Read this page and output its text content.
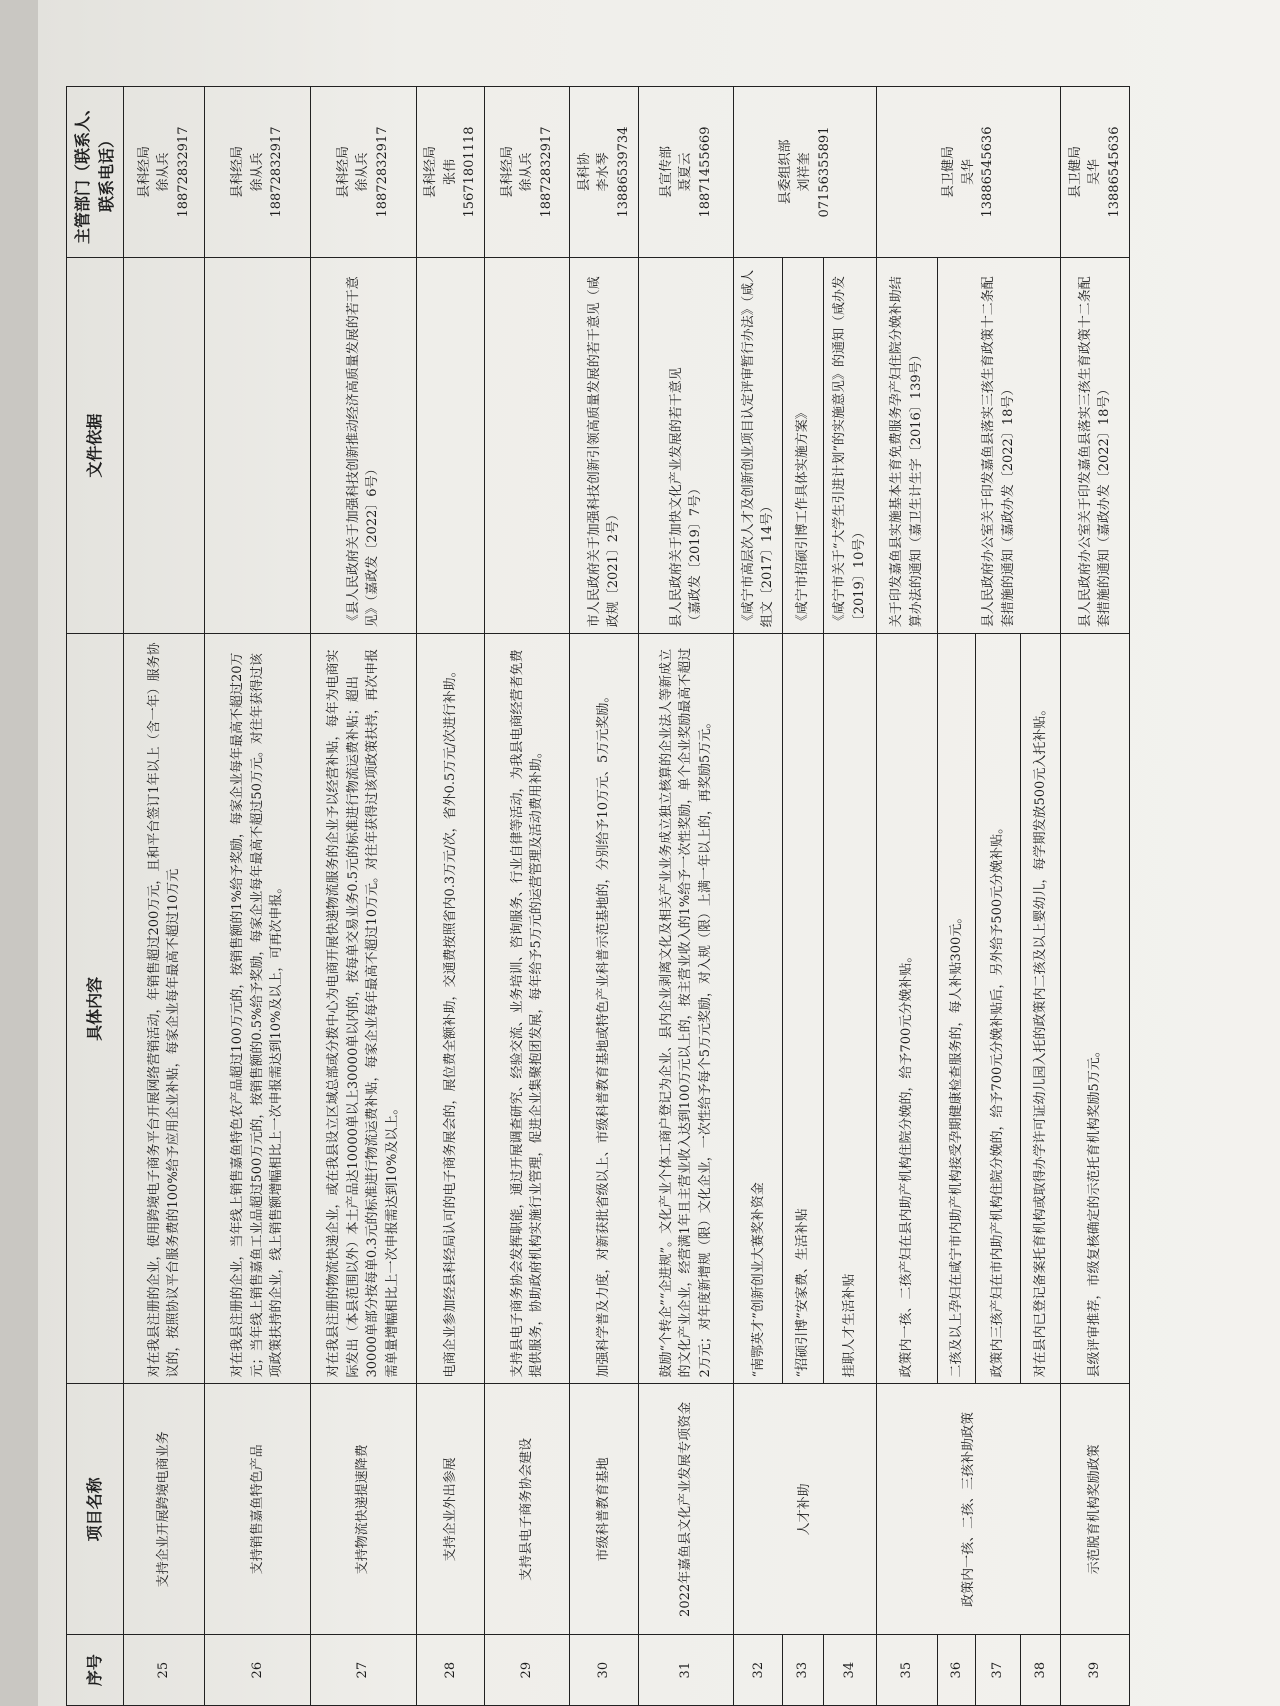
序号	项目名称	具体内容	文件依据	主管部门（联系人、联系电话）
25	支持企业开展跨境电商业务	对在我县注册的企业，使用跨境电子商务平台开展网络营销活动，年销售超过200万元，且和平台签订1年以上（含一年）服务协议的，按照协议平台服务费的100%给予应用企业补贴，每家企业每年最高不超过10万元		县科经局
徐从兵
18872832917
26	支持销售嘉鱼特色产品	对在我县注册的企业，当年线上销售嘉鱼特色农产品超过100万元的，按销售额的1%给予奖励，每家企业每年最高不超过20万元；当年线上销售嘉鱼工业品超过500万元的，按销售额的0.5%给予奖励，每家企业每年最高不超过50万元。对往年获得过该项政策扶持的企业，线上销售额增幅相比上一次申报需达到10%及以上，可再次申报。		县科经局
徐从兵
18872832917
27	支持物流快递提速降费	对在我县注册的物流快递企业，或在我县设立区域总部或分拨中心为电商开展快递物流服务的企业予以经营补贴，每年为电商实际发出（本县范围以外）本土产品达10000单以上30000单以内的，按每单交易业务0.5元的标准进行物流运费补贴；超出30000单部分按每单0.3元的标准进行物流运费补贴，每家企业每年最高不超过10万元。对往年获得过该项政策扶持，再次申报需单量增幅相比上一次申报需达到10%及以上。	《县人民政府关于加强科技创新推动经济高质量发展的若干意见》（嘉政发〔2022〕6号）	县科经局
徐从兵
18872832917
28	支持企业外出参展	电商企业参加经县科经局认可的电子商务展会的，展位费全额补助，交通费按照省内0.3万元/次，省外0.5万元/次进行补助。		县科经局
张伟
15671801118
29	支持县电子商务协会建设	支持县电子商务协会发挥职能，通过开展调查研究、经验交流、业务培训、咨询服务、行业自律等活动，为我县电商经营者免费提供服务，协助政府机构实施行业管理，促进企业集聚抱团发展，每年给予5万元的运营管理及活动费用补助。		县科经局
徐从兵
18872832917
30	市级科普教育基地	加强科学普及力度，对新获批省级以上、市级科普教育基地或特色产业科普示范基地的，分别给予10万元、5万元奖励。	市人民政府关于加强科技创新引领高质量发展的若干意见（咸政规〔2021〕2号）	县科协
李水琴
13886539734
31	2022年嘉鱼县文化产业发展专项资金	鼓励“个转企”“企进规”。文化产业个体工商户登记为企业、县内企业剥离文化及相关产业业务成立独立核算的企业法人等新成立的文化产业企业，经营满1年且主营业收入达到100万元以上的，按主营业收入的1%给予一次性奖励，单个企业奖励最高不超过2万元；对年度新增规（限）文化企业，一次性给予每个5万元奖励，对入规（限）上满一年以上的，再奖励5万元。	县人民政府关于加快文化产业发展的若干意见
（嘉政发〔2019〕7号）	县宣传部
聂夏云
18871455669
32	人才补助	“南鄂英才”创新创业大赛奖补资金	《咸宁市高层次人才及创新创业项目认定评审暂行办法》（咸人组文〔2017〕14号）	县委组织部
刘祥奎
07156355891
33		“招硕引博”安家费、生活补贴	《咸宁市招硕引博工作具体实施方案》	
34		挂职人才生活补贴	《咸宁市关于“大学生引进计划”的实施意见》的通知（咸办发〔2019〕10号）	
35	政策内一孩、二孩、三孩补助政策	政策内一孩、二孩产妇在县内助产机构住院分娩的，给予700元分娩补贴。	关于印发嘉鱼县实施基本生育免费服务孕产妇住院分娩补助结算办法的通知（嘉卫生计生字〔2016〕139号）	县卫健局
吴华
13886545636
36		二孩及以上孕妇在咸宁市内助产机构接受孕期健康检查服务的，每人补贴300元。	县人民政府办公室关于印发嘉鱼县落实三孩生育政策十二条配套措施的通知（嘉政办发〔2022〕18号）	
37		政策内三孩产妇在市内助产机构住院分娩的，给予700元分娩补贴后，另外给予500元分娩补贴。		
38		对在县内已登记备案托育机构或取得办学许可证幼儿园入托的政策内二孩及以上婴幼儿，每学期发放500元入托补贴。		
39	示范脱育机构奖励政策	县级评审推荐，市级复核确定的示范托育机构奖励5万元。	县人民政府办公室关于印发嘉鱼县落实三孩生育政策十二条配套措施的通知（嘉政办发〔2022〕18号）	县卫健局
吴华
13886545636
